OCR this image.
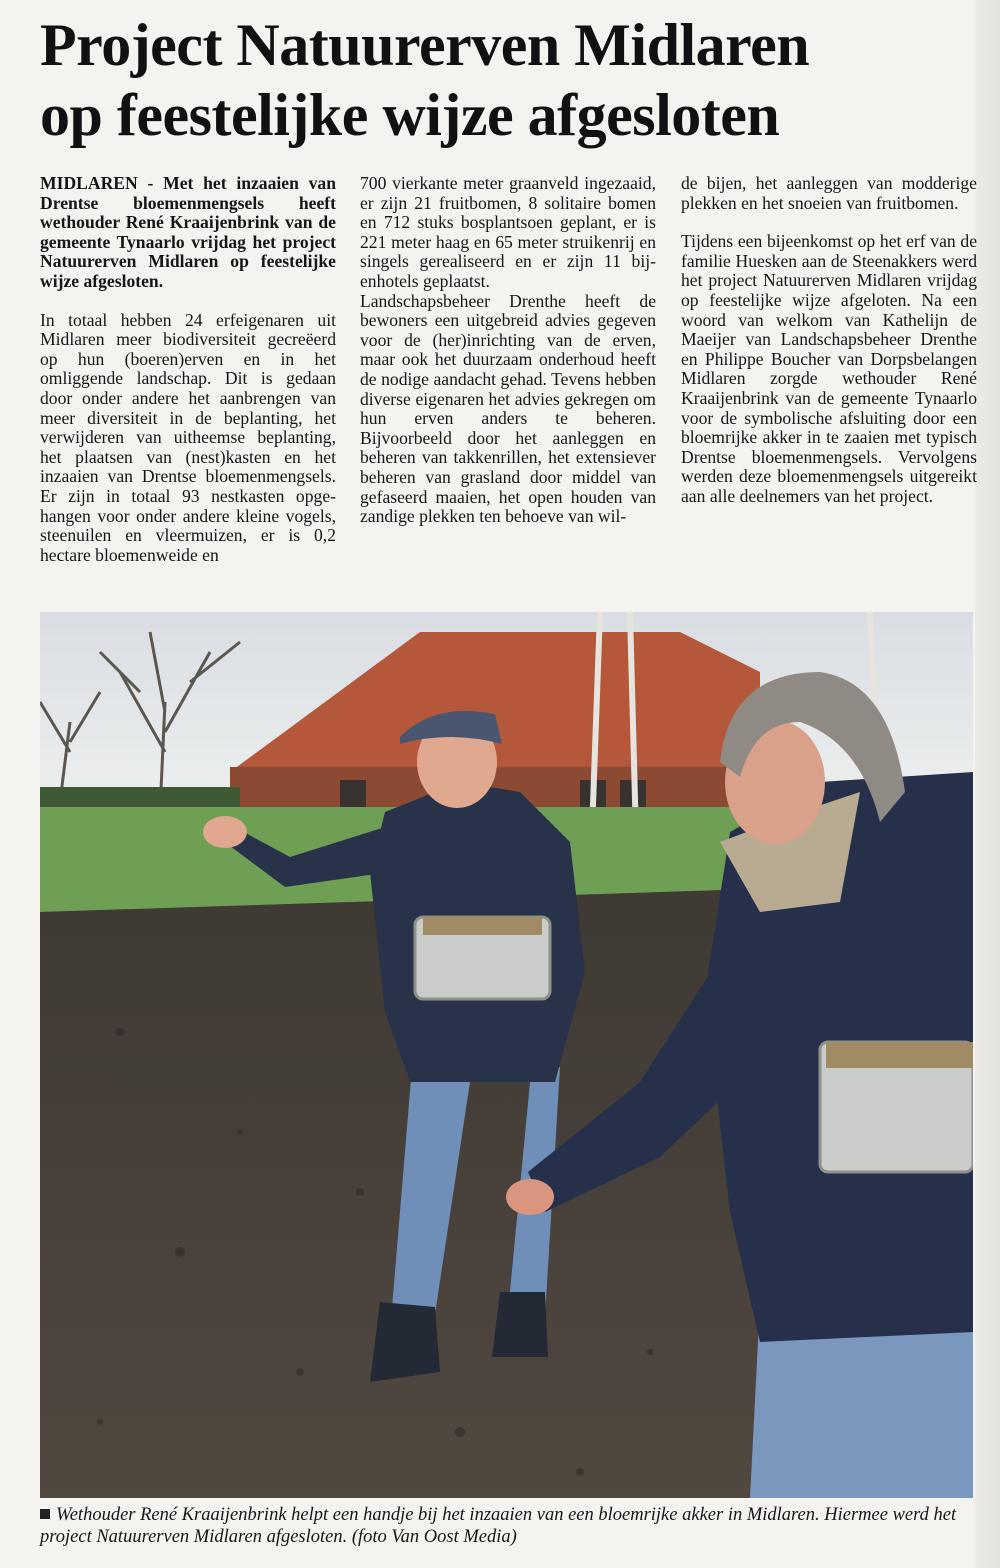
Project Natuurerven Midlaren
op feestelijke wijze afgesloten

MIDLAREN - Met het inzaaien van Drentse bloemenmengsels heeft wethouder René Kraaijenbrink van de gemeente Tynaarlo vrijdag het project Natuurerven Midlaren op feestelijke wijze afgesloten.

In totaal hebben 24 erfeigenaren uit Midlaren meer biodiversiteit gecreëerd op hun (boeren)erven en in het omliggende landschap. Dit is gedaan door onder andere het aanbrengen van meer diversiteit in de beplanting, het verwijderen van uitheemse beplanting, het plaatsen van (nest)kasten en het inzaaien van Drentse bloemenmengsels. Er zijn in totaal 93 nestkasten opgehangen voor onder andere kleine vogels, steenuilen en vleermuizen, er is 0,2 hectare bloemenweide en

700 vierkante meter graanveld ingezaaid, er zijn 21 fruitbomen, 8 solitaire bomen en 712 stuks bosplantsoen geplant, er is 221 meter haag en 65 meter struikenrij en singels gerealiseerd en er zijn 11 bijenhotels geplaatst.

Landschapsbeheer Drenthe heeft de bewoners een uitgebreid advies gegeven voor de (her)inrichting van de erven, maar ook het duurzaam onderhoud heeft de nodige aandacht gehad. Tevens hebben diverse eigenaren het advies gekregen om hun erven anders te beheren. Bijvoorbeeld door het aanleggen en beheren van takkenrillen, het extensiever beheren van grasland door middel van gefaseerd maaien, het open houden van zandige plekken ten behoeve van wil-

de bijen, het aanleggen van modderige plekken en het snoeien van fruitbomen.

Tijdens een bijeenkomst op het erf van de familie Huesken aan de Steenakkers werd het project Natuurerven Midlaren vrijdag op feestelijke wijze afgeloten. Na een woord van welkom van Kathelijn de Maeijer van Landschapsbeheer Drenthe en Philippe Boucher van Dorpsbelangen Midlaren zorgde wethouder René Kraaijenbrink van de gemeente Tynaarlo voor de symbolische afsluiting door een bloemrijke akker in te zaaien met typisch Drentse bloemenmengsels. Vervolgens werden deze bloemenmengsels uitgereikt aan alle deelnemers van het project.

Wethouder René Kraaijenbrink helpt een handje bij het inzaaien van een bloemrijke akker in Midlaren. Hiermee werd het project Natuurerven Midlaren afgesloten. (foto Van Oost Media)
